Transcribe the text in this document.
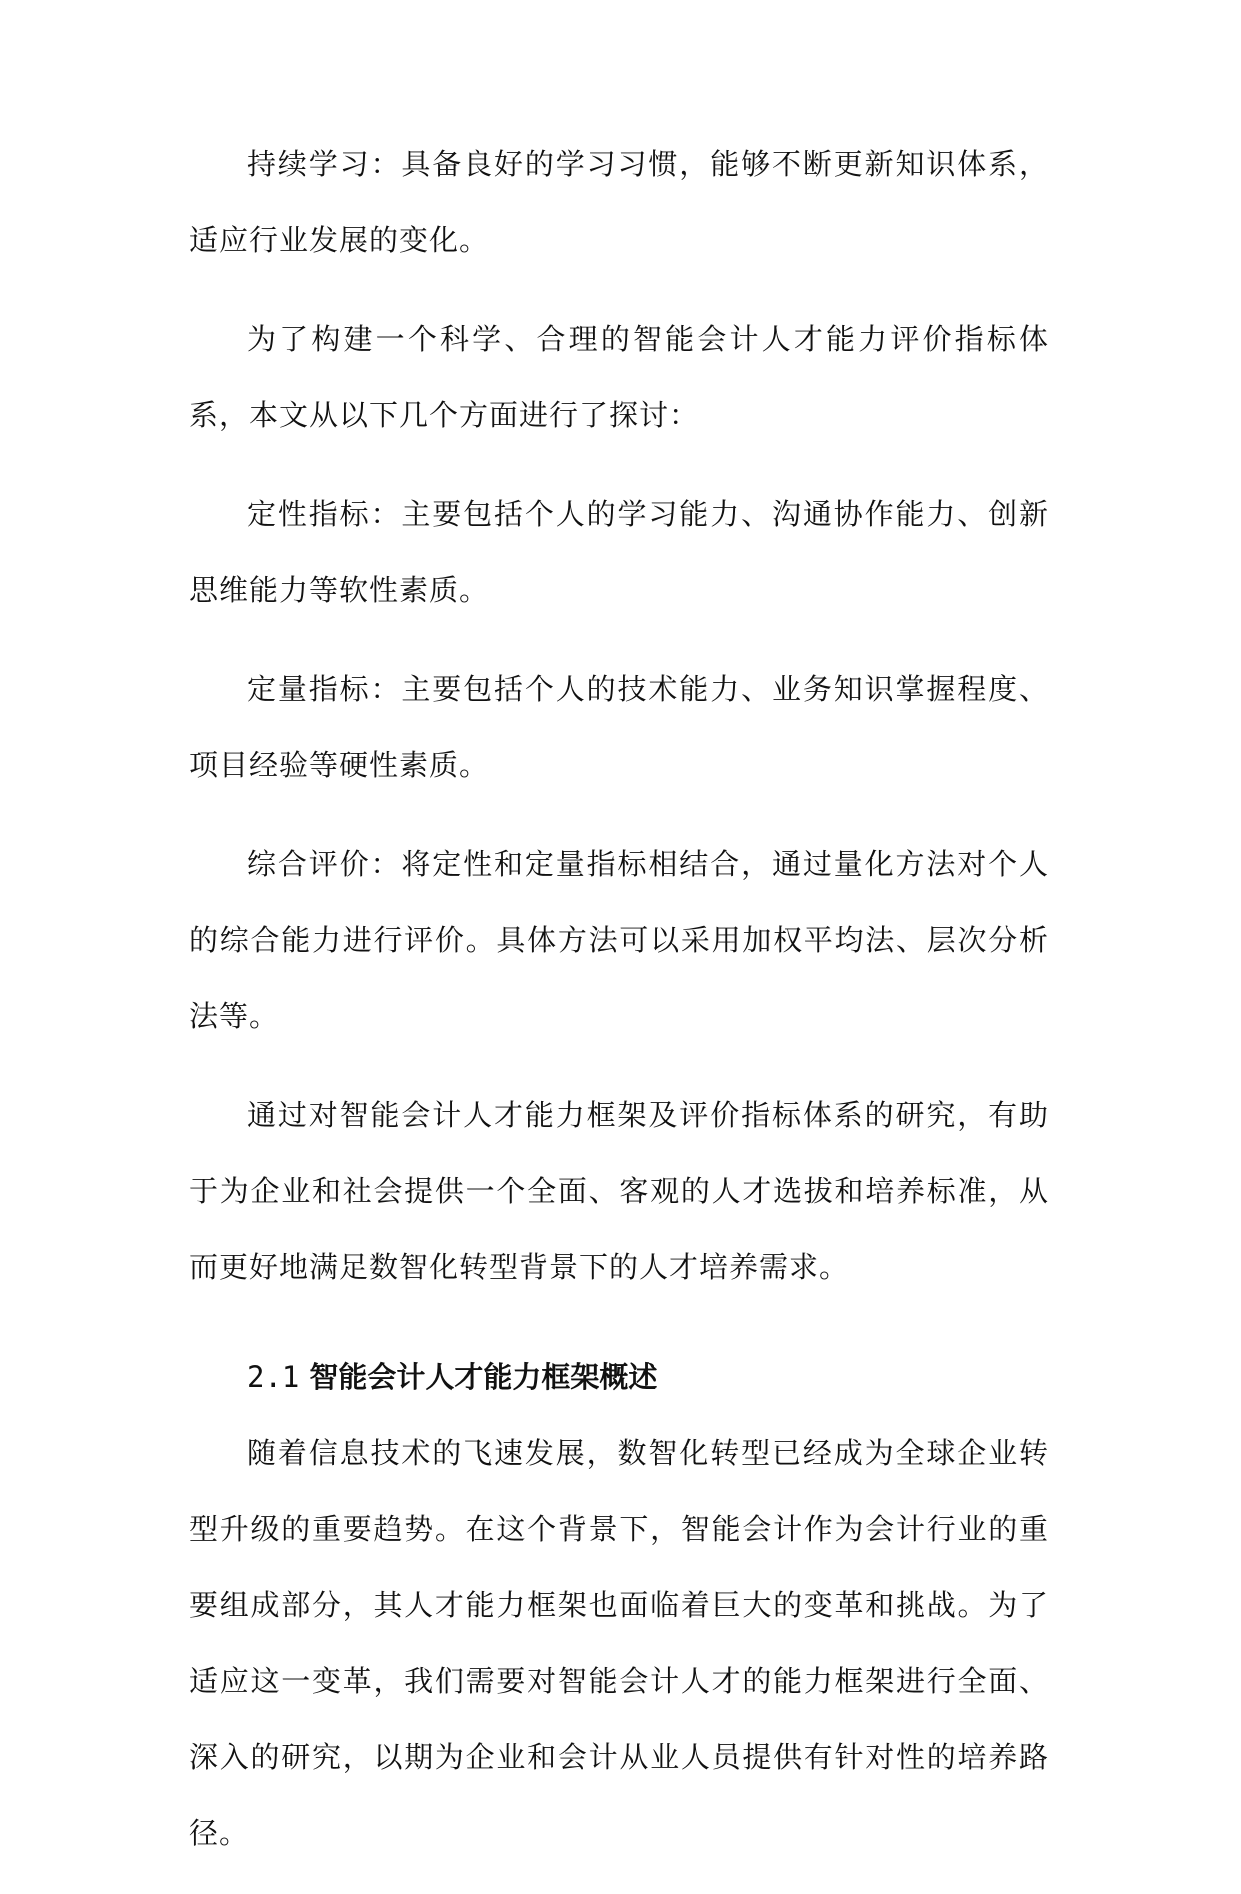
持续学习：具备良好的学习习惯，能够不断更新知识体系，适应行业发展的变化。

为了构建一个科学、合理的智能会计人才能力评价指标体系，本文从以下几个方面进行了探讨：

定性指标：主要包括个人的学习能力、沟通协作能力、创新思维能力等软性素质。

定量指标：主要包括个人的技术能力、业务知识掌握程度、项目经验等硬性素质。

综合评价：将定性和定量指标相结合，通过量化方法对个人的综合能力进行评价。具体方法可以采用加权平均法、层次分析法等。

通过对智能会计人才能力框架及评价指标体系的研究，有助于为企业和社会提供一个全面、客观的人才选拔和培养标准，从而更好地满足数智化转型背景下的人才培养需求。

2.1 智能会计人才能力框架概述

随着信息技术的飞速发展，数智化转型已经成为全球企业转型升级的重要趋势。在这个背景下，智能会计作为会计行业的重要组成部分，其人才能力框架也面临着巨大的变革和挑战。为了适应这一变革，我们需要对智能会计人才的能力框架进行全面、深入的研究，以期为企业和会计从业人员提供有针对性的培养路径。
